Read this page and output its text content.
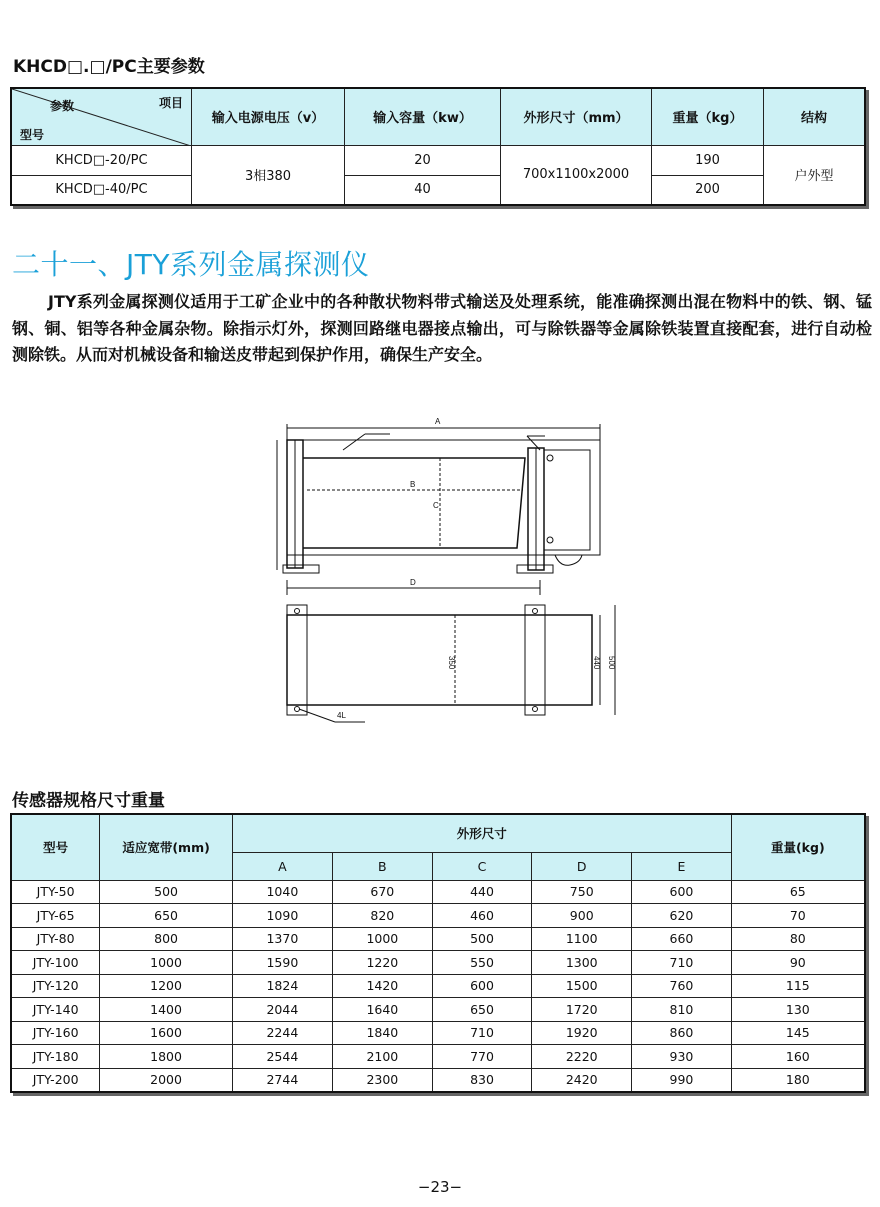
KHCD□.□/PC主要参数
项目
参数
型号	输入电源电压（v）	输入容量（kw）	外形尺寸（mm）	重量（kg）	结构
KHCD□-20/PC	3相380	20	700x1100x2000	190	户外型
KHCD□-40/PC		40		200	
二十一、JTY系列金属探测仪
JTY系列金属探测仪适用于工矿企业中的各种散状物料带式输送及处理系统，能准确探测出混在物料中的铁、钢、锰钢、铜、铝等各种金属杂物。除指示灯外，探测回路继电器接点输出，可与除铁器等金属除铁装置直接配套，进行自动检测除铁。从而对机械设备和输送皮带起到保护作用，确保生产安全。
A
B
C
D
350	440 500
4L
传感器规格尺寸重量
型号	适应宽带(mm)	外形尺寸					重量(kg)
		A	B	C	D	E	
JTY-50	500	1040	670	440	750	600	65
JTY-65	650	1090	820	460	900	620	70
JTY-80	800	1370	1000	500	1100	660	80
JTY-100	1000	1590	1220	550	1300	710	90
JTY-120	1200	1824	1420	600	1500	760	115
JTY-140	1400	2044	1640	650	1720	810	130
JTY-160	1600	2244	1840	710	1920	860	145
JTY-180	1800	2544	2100	770	2220	930	160
JTY-200	2000	2744	2300	830	2420	990	180
−23−
